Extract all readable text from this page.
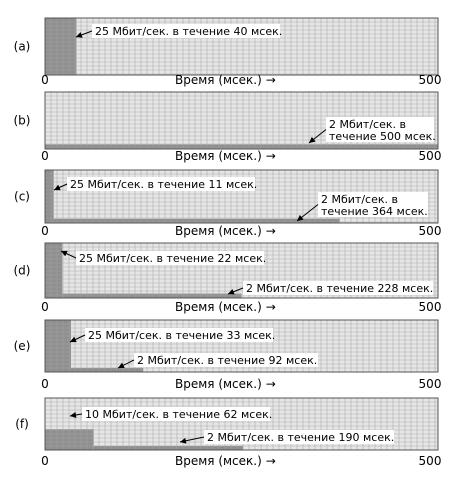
(a)
25 Мбит/сек. в течение 40 мсек.
0	500
Время (мсек.) →
(b)	2 Мбит/сек. в
течение 500 мсек.
0	500
Время (мсек.) →
(c)
25 Мбит/сек. в течение 11 мсек.
2 Мбит/сек. в
течение 364 мсек.
0	500
Время (мсек.) →
(d)
25 Мбит/сек. в течение 22 мсек.
2 Мбит/сек. в течение 228 мсек.
0	500
Время (мсек.) →
(e)
25 Мбит/сек. в течение 33 мсек.
2 Мбит/сек. в течение 92 мсек.
0	500
Время (мсек.) →
(f)
10 Мбит/сек. в течение 62 мсек.
2 Мбит/сек. в течение 190 мсек.
0	500
Время (мсек.) →
